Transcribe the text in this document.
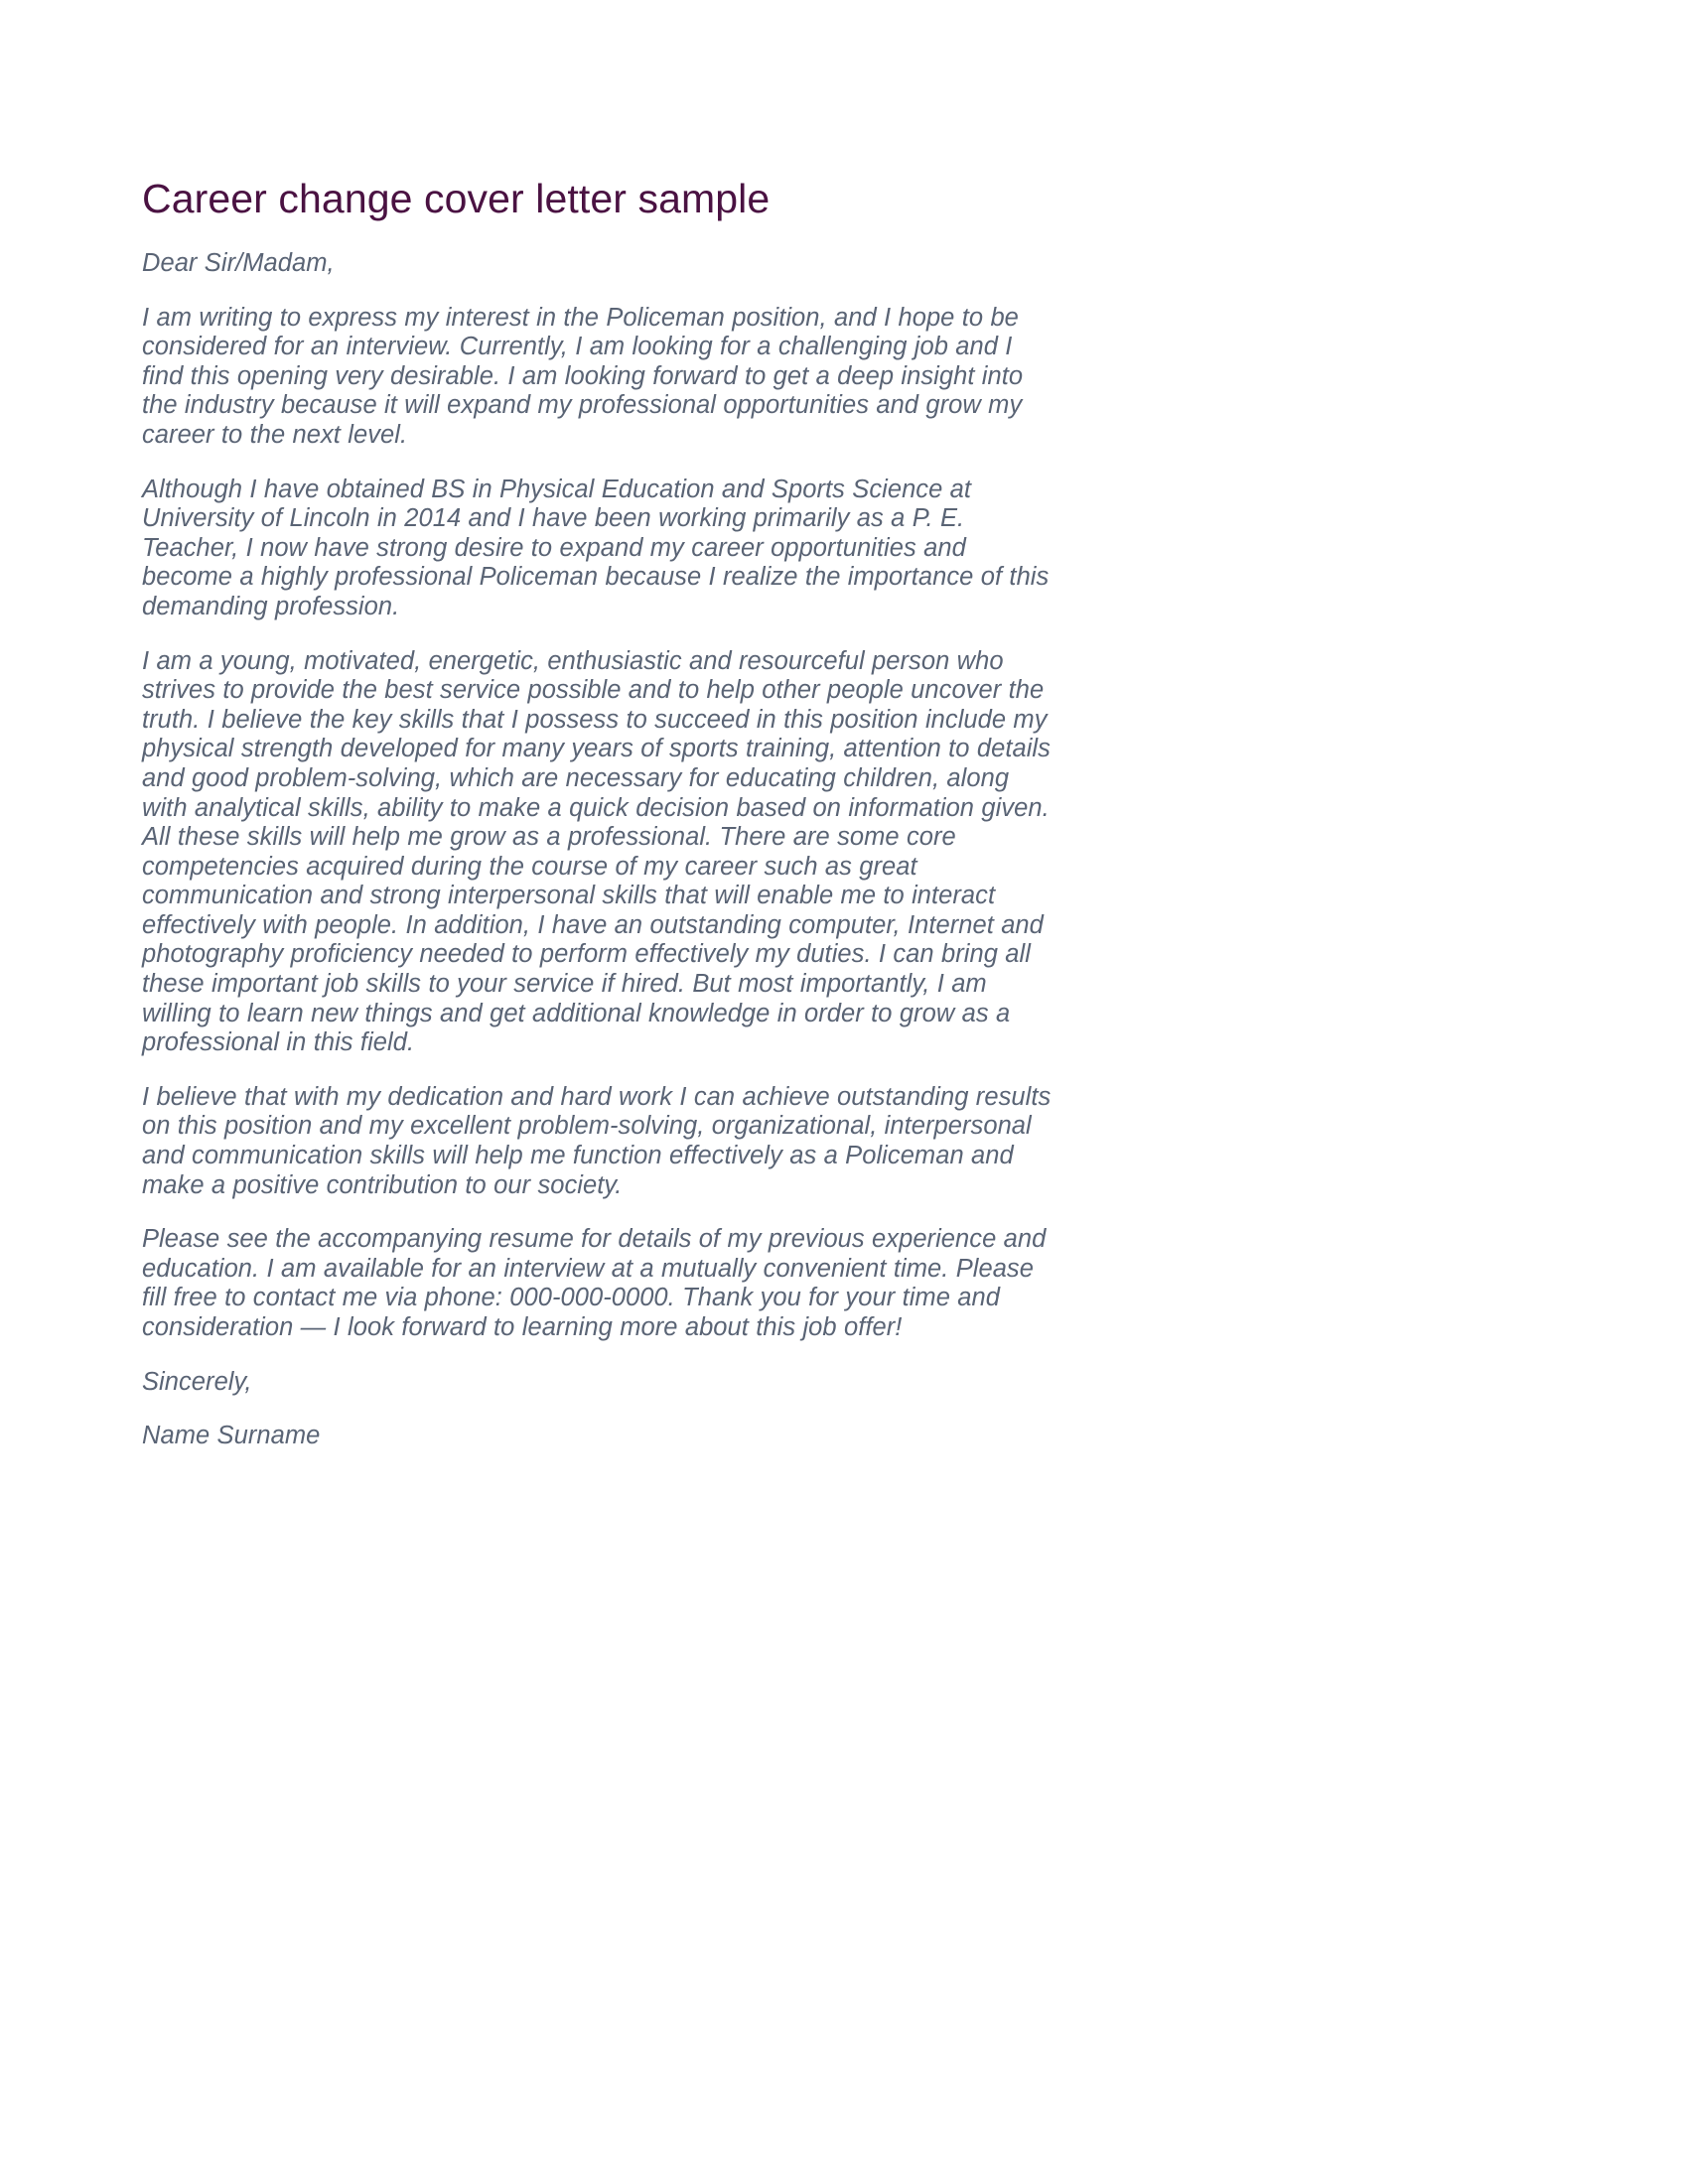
Career change cover letter sample

Dear Sir/Madam,

I am writing to express my interest in the Policeman position, and I hope to be considered for an interview. Currently, I am looking for a challenging job and I find this opening very desirable. I am looking forward to get a deep insight into the industry because it will expand my professional opportunities and grow my career to the next level.

Although I have obtained BS in Physical Education and Sports Science at University of Lincoln in 2014 and I have been working primarily as a P. E. Teacher, I now have strong desire to expand my career opportunities and become a highly professional Policeman because I realize the importance of this demanding profession.

I am a young, motivated, energetic, enthusiastic and resourceful person who strives to provide the best service possible and to help other people uncover the truth. I believe the key skills that I possess to succeed in this position include my physical strength developed for many years of sports training, attention to details and good problem-solving, which are necessary for educating children, along with analytical skills, ability to make a quick decision based on information given. All these skills will help me grow as a professional. There are some core competencies acquired during the course of my career such as great communication and strong interpersonal skills that will enable me to interact effectively with people. In addition, I have an outstanding computer, Internet and photography proficiency needed to perform effectively my duties. I can bring all these important job skills to your service if hired. But most importantly, I am willing to learn new things and get additional knowledge in order to grow as a professional in this field.

I believe that with my dedication and hard work I can achieve outstanding results on this position and my excellent problem-solving, organizational, interpersonal and communication skills will help me function effectively as a Policeman and make a positive contribution to our society.

Please see the accompanying resume for details of my previous experience and education. I am available for an interview at a mutually convenient time. Please fill free to contact me via phone: 000-000-0000. Thank you for your time and consideration — I look forward to learning more about this job offer!

Sincerely,

Name Surname
